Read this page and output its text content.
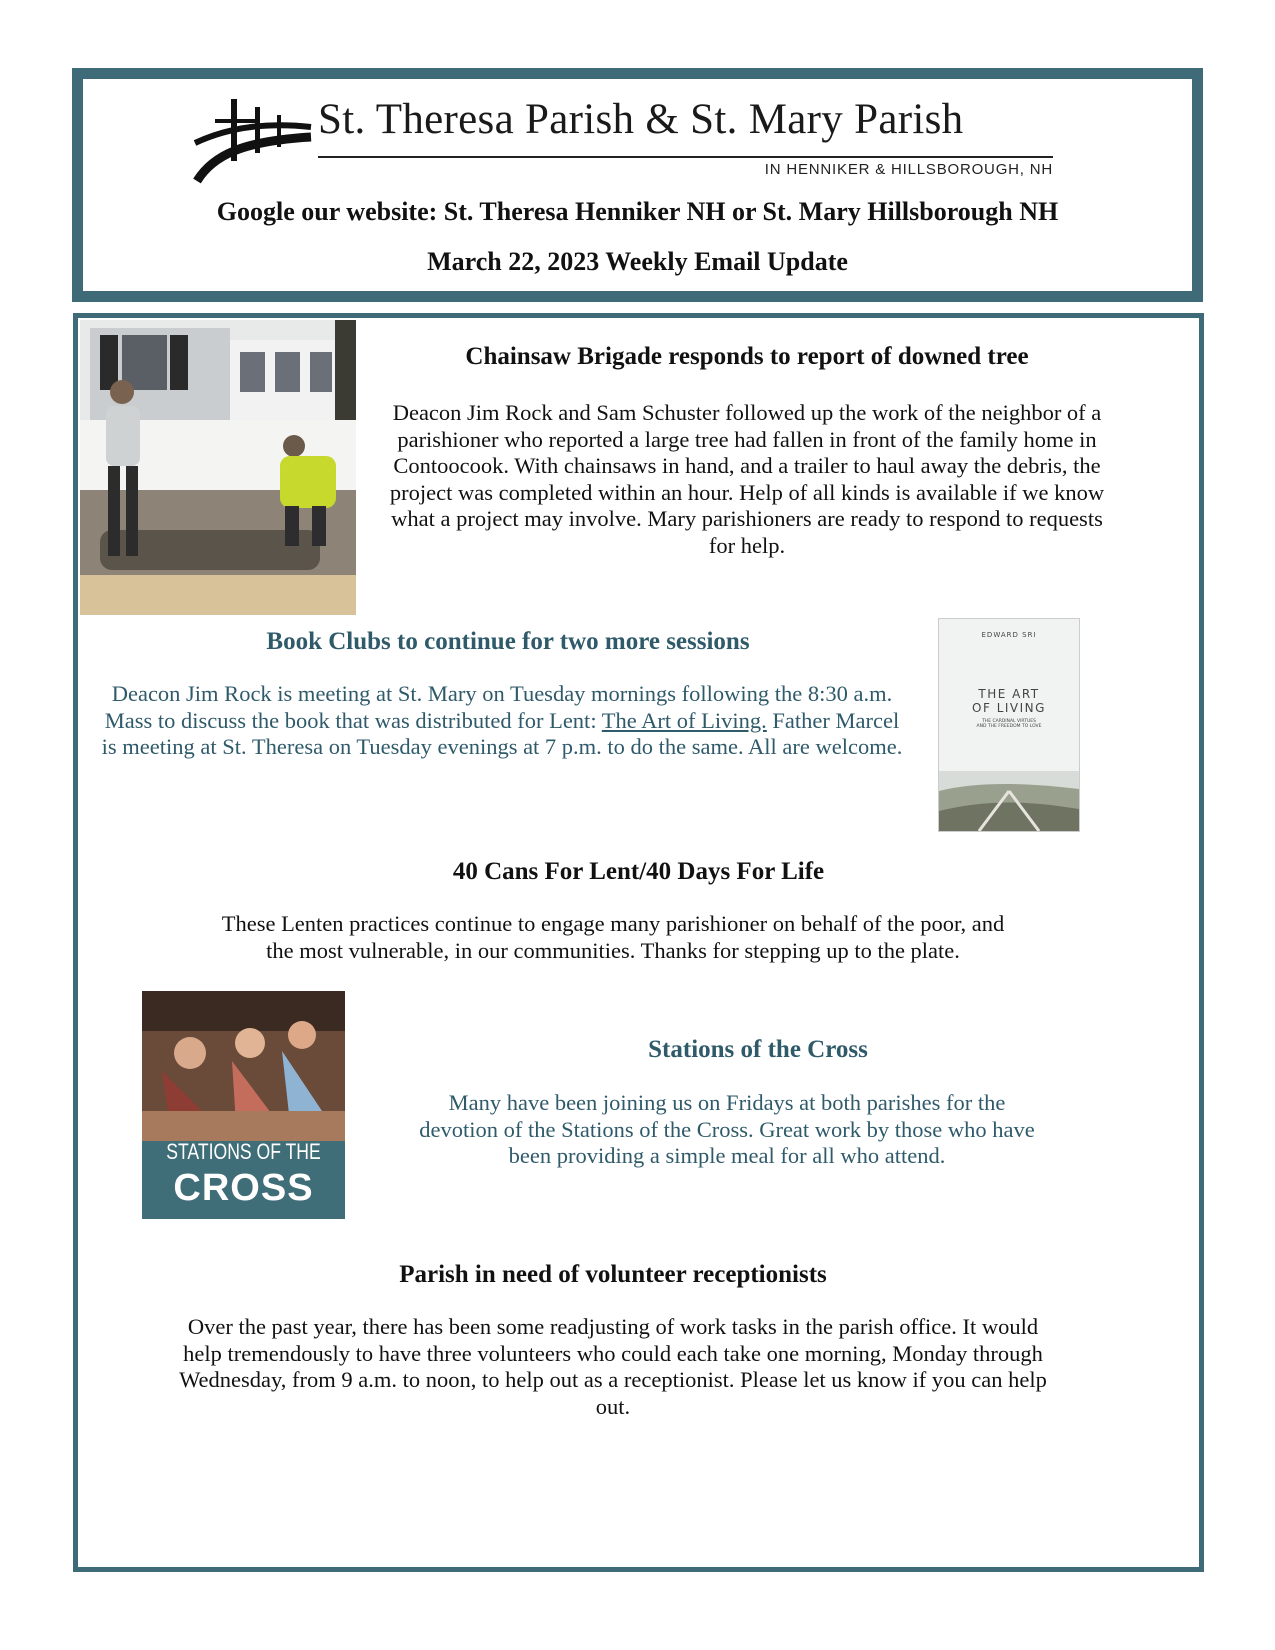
St. Theresa Parish & St. Mary Parish
IN HENNIKER & HILLSBOROUGH, NH
Google our website: St. Theresa Henniker NH or St. Mary Hillsborough NH
March 22, 2023 Weekly Email Update
Chainsaw Brigade responds to report of downed tree
Deacon Jim Rock and Sam Schuster followed up the work of the neighbor of a parishioner who reported a large tree had fallen in front of the family home in Contoocook. With chainsaws in hand, and a trailer to haul away the debris, the project was completed within an hour. Help of all kinds is available if we know what a project may involve. Mary parishioners are ready to respond to requests for help.
Book Clubs to continue for two more sessions
Deacon Jim Rock is meeting at St. Mary on Tuesday mornings following the 8:30 a.m. Mass to discuss the book that was distributed for Lent: The Art of Living. Father Marcel is meeting at St. Theresa on Tuesday evenings at 7 p.m. to do the same. All are welcome.
EDWARD SRI
THE ART
OF LIVING
THE CARDINAL VIRTUES
AND THE FREEDOM TO LOVE
40 Cans For Lent/40 Days For Life
These Lenten practices continue to engage many parishioner on behalf of the poor, and the most vulnerable, in our communities. Thanks for stepping up to the plate.
STATIONS OF THE
CROSS
Stations of the Cross
Many have been joining us on Fridays at both parishes for the devotion of the Stations of the Cross. Great work by those who have been providing a simple meal for all who attend.
Parish in need of volunteer receptionists
Over the past year, there has been some readjusting of work tasks in the parish office. It would help tremendously to have three volunteers who could each take one morning, Monday through Wednesday, from 9 a.m. to noon, to help out as a receptionist. Please let us know if you can help out.
